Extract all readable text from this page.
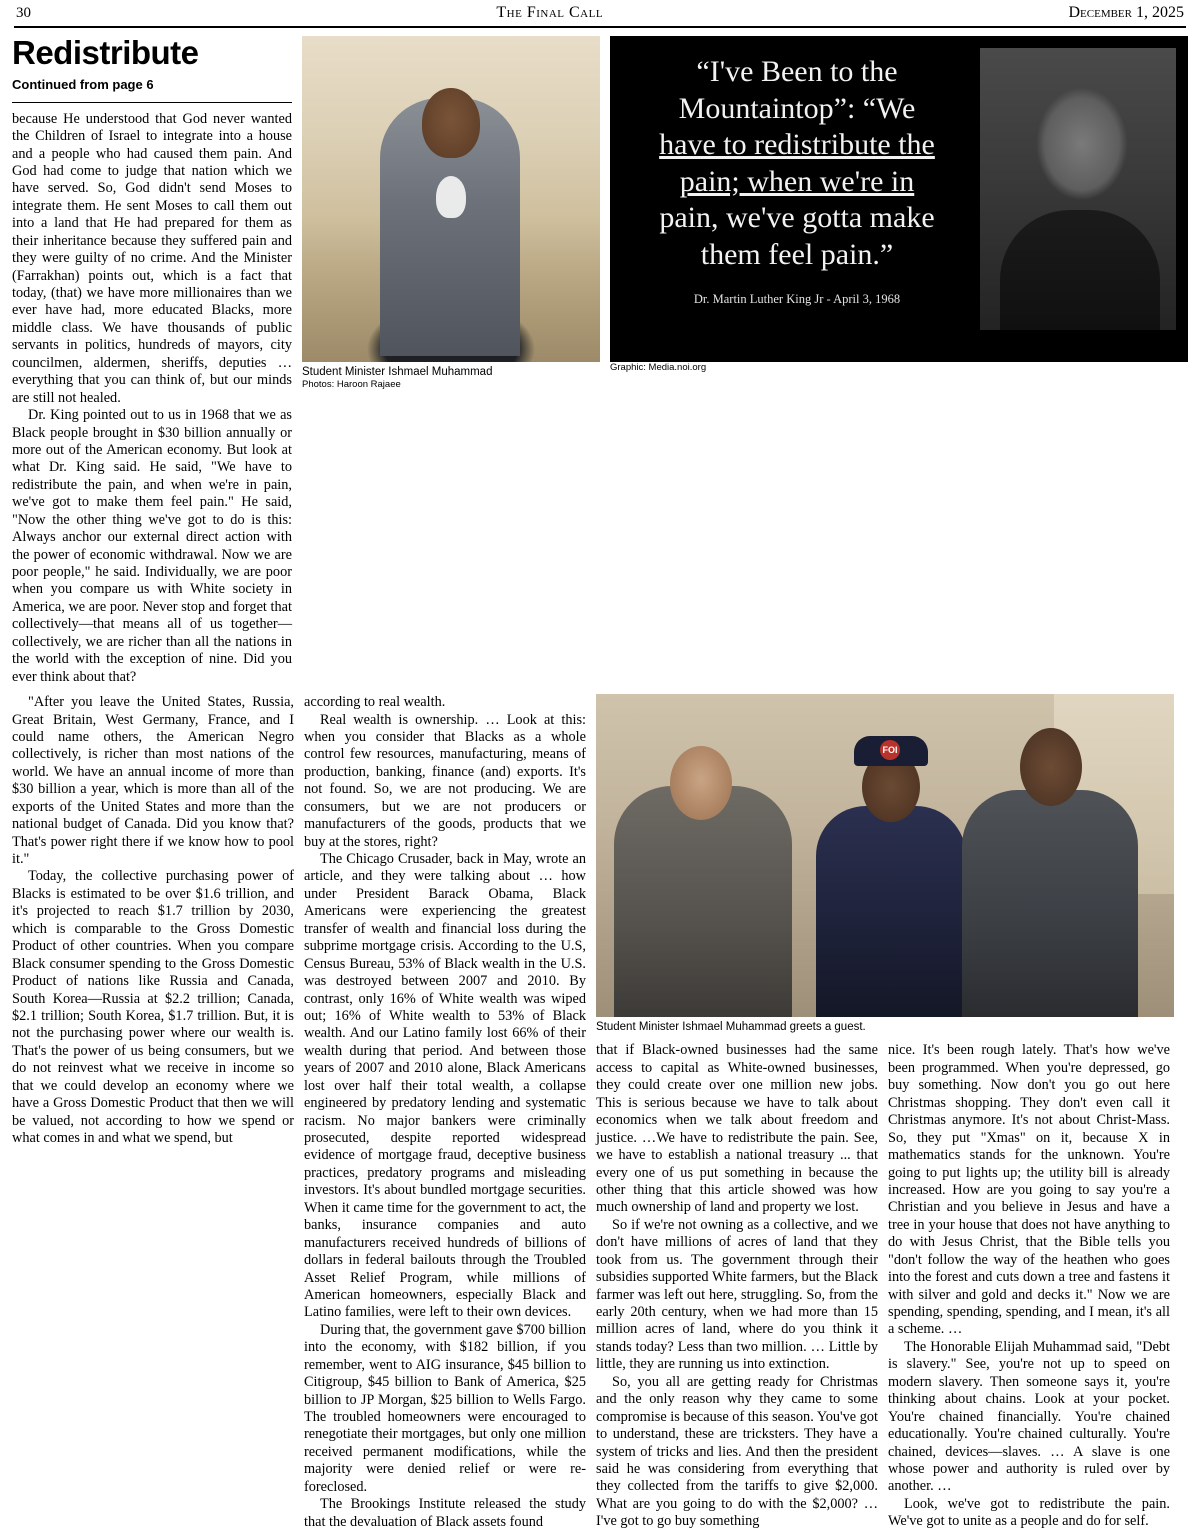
30	The Final Call	December 1, 2025
Redistribute
Continued from page 6

because He understood that God never wanted the Children of Israel to integrate into a house and a people who had caused them pain. And God had come to judge that nation which we have served. So, God didn't send Moses to integrate them. He sent Moses to call them out into a land that He had prepared for them as their inheritance because they suffered pain and they were guilty of no crime. And the Minister (Farrakhan) points out, which is a fact that today, (that) we have more millionaires than we ever have had, more educated Blacks, more middle class. We have thousands of public servants in politics, hundreds of mayors, city councilmen, aldermen, sheriffs, deputies … everything that you can think of, but our minds are still not healed.

Dr. King pointed out to us in 1968 that we as Black people brought in $30 billion annually or more out of the American economy. But look at what Dr. King said. He said, "We have to redistribute the pain, and when we're in pain, we've got to make them feel pain." He said, "Now the other thing we've got to do is this: Always anchor our external direct action with the power of economic withdrawal. Now we are poor people," he said. Individually, we are poor when you compare us with White society in America, we are poor. Never stop and forget that collectively—that means all of us together—collectively, we are richer than all the nations in the world with the exception of nine. Did you ever think about that?

Student Minister Ishmael Muhammad
Photos: Haroon Rajaee
“I've Been to the
Mountaintop”: “We
have to redistribute the
pain; when we're in
pain, we've gotta make
them feel pain.”
Dr. Martin Luther King Jr - April 3, 1968
Graphic: Media.noi.org

"After you leave the United States, Russia, Great Britain, West Germany, France, and I could name others, the American Negro collectively, is richer than most nations of the world. We have an annual income of more than $30 billion a year, which is more than all of the exports of the United States and more than the national budget of Canada. Did you know that? That's power right there if we know how to pool it."

Today, the collective purchasing power of Blacks is estimated to be over $1.6 trillion, and it's projected to reach $1.7 trillion by 2030, which is comparable to the Gross Domestic Product of other countries. When you compare Black consumer spending to the Gross Domestic Product of nations like Russia and Canada, South Korea—Russia at $2.2 trillion; Canada, $2.1 trillion; South Korea, $1.7 trillion. But, it is not the purchasing power where our wealth is. That's the power of us being consumers, but we do not reinvest what we receive in income so that we could develop an economy where we have a Gross Domestic Product that then we will be valued, not according to how we spend or what comes in and what we spend, but

according to real wealth.

Real wealth is ownership. … Look at this: when you consider that Blacks as a whole control few resources, manufacturing, means of production, banking, finance (and) exports. It's not found. So, we are not producing. We are consumers, but we are not producers or manufacturers of the goods, products that we buy at the stores, right?

The Chicago Crusader, back in May, wrote an article, and they were talking about … how under President Barack Obama, Black Americans were experiencing the greatest transfer of wealth and financial loss during the subprime mortgage crisis. According to the U.S, Census Bureau, 53% of Black wealth in the U.S. was destroyed between 2007 and 2010. By contrast, only 16% of White wealth was wiped out; 16% of White wealth to 53% of Black wealth. And our Latino family lost 66% of their wealth during that period. And between those years of 2007 and 2010 alone, Black Americans lost over half their total wealth, a collapse engineered by predatory lending and systematic racism. No major bankers were criminally prosecuted, despite reported widespread evidence of mortgage fraud, deceptive business practices, predatory programs and misleading investors. It's about bundled mortgage securities. When it came time for the government to act, the banks, insurance companies and auto manufacturers received hundreds of billions of dollars in federal bailouts through the Troubled Asset Relief Program, while millions of American homeowners, especially Black and Latino families, were left to their own devices.

During that, the government gave $700 billion into the economy, with $182 billion, if you remember, went to AIG insurance, $45 billion to Citigroup, $45 billion to Bank of America, $25 billion to JP Morgan, $25 billion to Wells Fargo. The troubled homeowners were encouraged to renegotiate their mortgages, but only one million received permanent modifications, while the majority were denied relief or were re-foreclosed.

The Brookings Institute released the study that the devaluation of Black assets found

FOI
Student Minister Ishmael Muhammad greets a guest.

that if Black-owned businesses had the same access to capital as White-owned businesses, they could create over one million new jobs. This is serious because we have to talk about economics when we talk about freedom and justice. …We have to redistribute the pain. See, we have to establish a national treasury ... that every one of us put something in because the other thing that this article showed was how much ownership of land and property we lost.

So if we're not owning as a collective, and we don't have millions of acres of land that they took from us. The government through their subsidies supported White farmers, but the Black farmer was left out here, struggling. So, from the early 20th century, when we had more than 15 million acres of land, where do you think it stands today? Less than two million. … Little by little, they are running us into extinction.

So, you all are getting ready for Christmas and the only reason why they came to some compromise is because of this season. You've got to understand, these are tricksters. They have a system of tricks and lies. And then the president said he was considering from everything that they collected from the tariffs to give $2,000. What are you going to do with the $2,000? … I've got to go buy something

nice. It's been rough lately. That's how we've been programmed. When you're depressed, go buy something. Now don't you go out here Christmas shopping. They don't even call it Christmas anymore. It's not about Christ-Mass. So, they put "Xmas" on it, because X in mathematics stands for the unknown. You're going to put lights up; the utility bill is already increased. How are you going to say you're a Christian and you believe in Jesus and have a tree in your house that does not have anything to do with Jesus Christ, that the Bible tells you "don't follow the way of the heathen who goes into the forest and cuts down a tree and fastens it with silver and gold and decks it." Now we are spending, spending, spending, and I mean, it's all a scheme. …

The Honorable Elijah Muhammad said, "Debt is slavery." See, you're not up to speed on modern slavery. Then someone says it, you're thinking about chains. Look at your pocket. You're chained financially. You're chained educationally. You're chained culturally. You're chained, devices—slaves. … A slave is one whose power and authority is ruled over by another. …

Look, we've got to redistribute the pain. We've got to unite as a people and do for self.
